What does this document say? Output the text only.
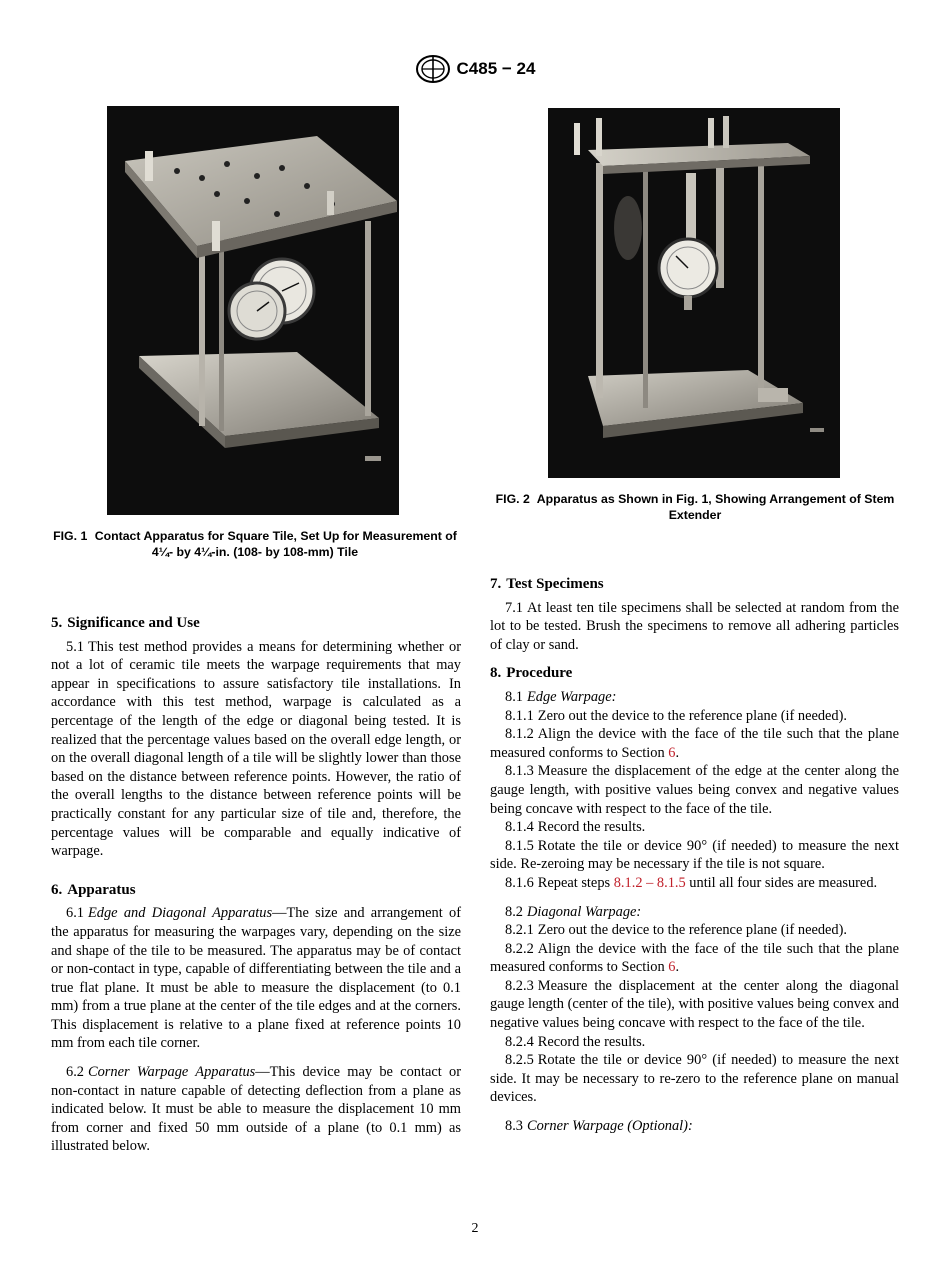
C485 − 24
FIG. 1 Contact Apparatus for Square Tile, Set Up for Measurement of 4¼- by 4¼-in. (108- by 108-mm) Tile
FIG. 2 Apparatus as Shown in Fig. 1, Showing Arrangement of Stem Extender
5. Significance and Use

5.1 This test method provides a means for determining whether or not a lot of ceramic tile meets the warpage requirements that may appear in specifications to assure satisfactory tile installations. In accordance with this test method, warpage is calculated as a percentage of the length of the edge or diagonal being tested. It is realized that the percentage values based on the overall edge length, or on the overall diagonal length of a tile will be slightly lower than those based on the distance between reference points. However, the ratio of the overall lengths to the distance between reference points will be practically constant for any particular size of tile and, therefore, the percentage values will be comparable and equally indicative of warpage.

6. Apparatus

6.1 Edge and Diagonal Apparatus—The size and arrangement of the apparatus for measuring the warpages vary, depending on the size and shape of the tile to be measured. The apparatus may be of contact or non-contact in type, capable of differentiating between the tile and a true flat plane. It must be able to measure the displacement (to 0.1 mm) from a true plane at the center of the tile edges and at the corners. This displacement is relative to a plane fixed at reference points 10 mm from each tile corner.

6.2 Corner Warpage Apparatus—This device may be contact or non-contact in nature capable of detecting deflection from a plane as indicated below. It must be able to measure the displacement 10 mm from corner and fixed 50 mm outside of a plane (to 0.1 mm) as illustrated below.

7. Test Specimens

7.1 At least ten tile specimens shall be selected at random from the lot to be tested. Brush the specimens to remove all adhering particles of clay or sand.

8. Procedure

8.1 Edge Warpage:

8.1.1 Zero out the device to the reference plane (if needed).

8.1.2 Align the device with the face of the tile such that the plane measured conforms to Section 6.

8.1.3 Measure the displacement of the edge at the center along the gauge length, with positive values being convex and negative values being concave with respect to the face of the tile.

8.1.4 Record the results.

8.1.5 Rotate the tile or device 90° (if needed) to measure the next side. Re-zeroing may be necessary if the tile is not square.

8.1.6 Repeat steps 8.1.2 – 8.1.5 until all four sides are measured.

8.2 Diagonal Warpage:

8.2.1 Zero out the device to the reference plane (if needed).

8.2.2 Align the device with the face of the tile such that the plane measured conforms to Section 6.

8.2.3 Measure the displacement at the center along the diagonal gauge length (center of the tile), with positive values being convex and negative values being concave with respect to the face of the tile.

8.2.4 Record the results.

8.2.5 Rotate the tile or device 90° (if needed) to measure the next side. It may be necessary to re-zero to the reference plane on manual devices.

8.3 Corner Warpage (Optional):

2
